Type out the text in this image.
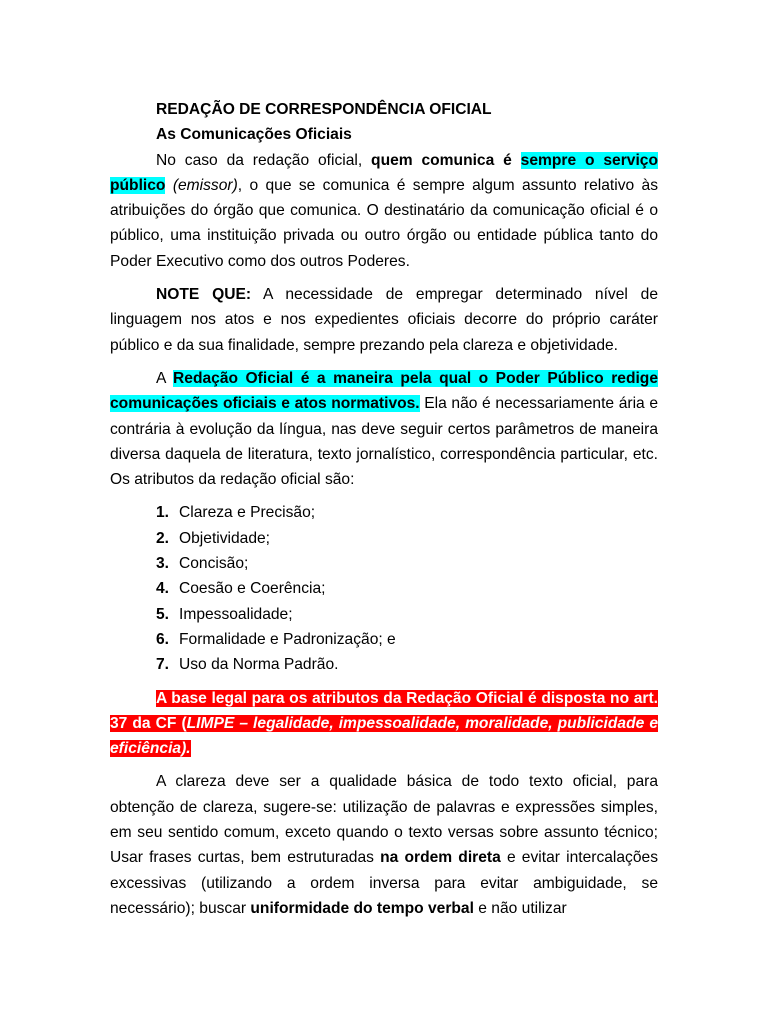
REDAÇÃO DE CORRESPONDÊNCIA OFICIAL
As Comunicações Oficiais

No caso da redação oficial, quem comunica é sempre o serviço público (emissor), o que se comunica é sempre algum assunto relativo às atribuições do órgão que comunica. O destinatário da comunicação oficial é o público, uma instituição privada ou outro órgão ou entidade pública tanto do Poder Executivo como dos outros Poderes.

NOTE QUE: A necessidade de empregar determinado nível de linguagem nos atos e nos expedientes oficiais decorre do próprio caráter público e da sua finalidade, sempre prezando pela clareza e objetividade.

A Redação Oficial é a maneira pela qual o Poder Público redige comunicações oficiais e atos normativos. Ela não é necessariamente ária e contrária à evolução da língua, nas deve seguir certos parâmetros de maneira diversa daquela de literatura, texto jornalístico, correspondência particular, etc. Os atributos da redação oficial são:

1. Clareza e Precisão;
2. Objetividade;
3. Concisão;
4. Coesão e Coerência;
5. Impessoalidade;
6. Formalidade e Padronização; e
7. Uso da Norma Padrão.

A base legal para os atributos da Redação Oficial é disposta no art. 37 da CF (LIMPE – legalidade, impessoalidade, moralidade, publicidade e eficiência).

A clareza deve ser a qualidade básica de todo texto oficial, para obtenção de clareza, sugere-se: utilização de palavras e expressões simples, em seu sentido comum, exceto quando o texto versas sobre assunto técnico; Usar frases curtas, bem estruturadas na ordem direta e evitar intercalações excessivas (utilizando a ordem inversa para evitar ambiguidade, se necessário); buscar uniformidade do tempo verbal e não utilizar
